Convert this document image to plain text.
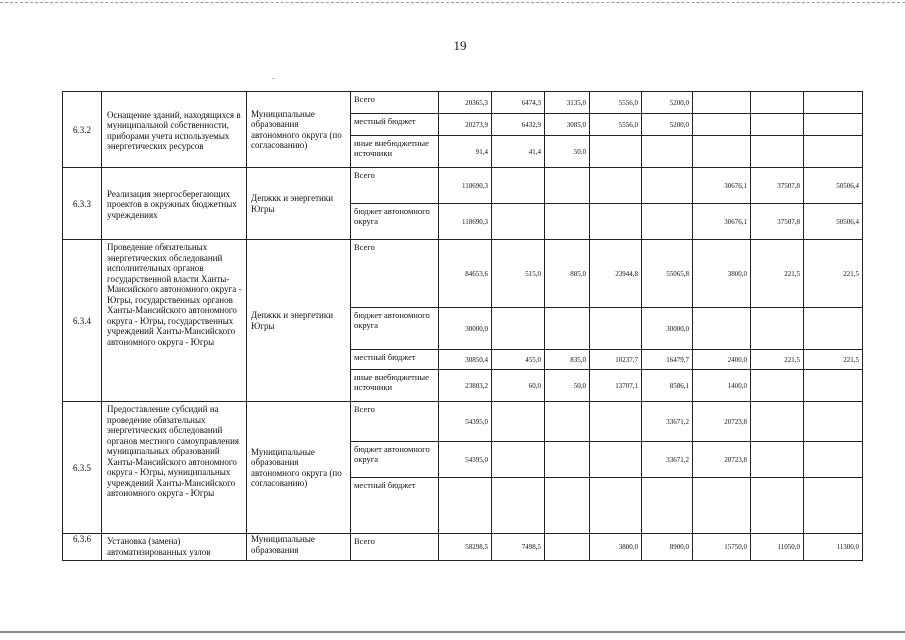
19
6.3.2	Оснащение зданий, находящихся в муниципальной собственности, приборами учета используемых энергетических ресурсов	Муниципальные образования автономного округа (по согласованию)	Всего	20365,3	6474,3	3135,0	5556,0	5200,0			
			местный бюджет	20273,9	6432,9	3085,0	5556,0	5200,0			
			иные внебюджетные источники	91,4	41,4	50,0					
6.3.3	Реализация энергосберегающих проектов в окружных бюджетных учреждениях	Депжкк и энергетики Югры	Всего	118690,3					30676,1	37507,8	50506,4
			бюджет автономного округа	118690,3					30676,1	37507,8	50506,4
6.3.4	Проведение обязательных энергетических обследований исполнительных органов государственной власти Ханты-Мансийского автономного округа - Югры, государственных органов Ханты-Мансийского автономного округа - Югры, государственных учреждений Ханты-Мансийского автономного округа - Югры	Депжкк и энергетики Югры	Всего	84653,6	515,0	885,0	23944,8	55065,8	3800,0	221,5	221,5
			бюджет автономного округа	30000,0				30000,0			
			местный бюджет	30850,4	455,0	835,0	10237,7	16479,7	2400,0	221,5	221,5
			иные внебюджетные источники	23803,2	60,0	50,0	13707,1	8586,1	1400,0		
6.3.5	Предоставление субсидий на проведение обязательных энергетических обследований органов местного самоуправления муниципальных образований Ханты-Мансийского автономного округа - Югры, муниципальных учреждений Ханты-Мансийского автономного округа - Югры	Муниципальные образования автономного округа (по согласованию)	Всего	54395,0				33671,2	20723,8		
			бюджет автономного округа	54395,0				33671,2	20723,8		
			местный бюджет								
6.3.6	Установка (замена) автоматизированных узлов	Муниципальные образования	Всего	58298,5	7498,5		3800,0	8900,0	15750,0	11050,0	11300,0
